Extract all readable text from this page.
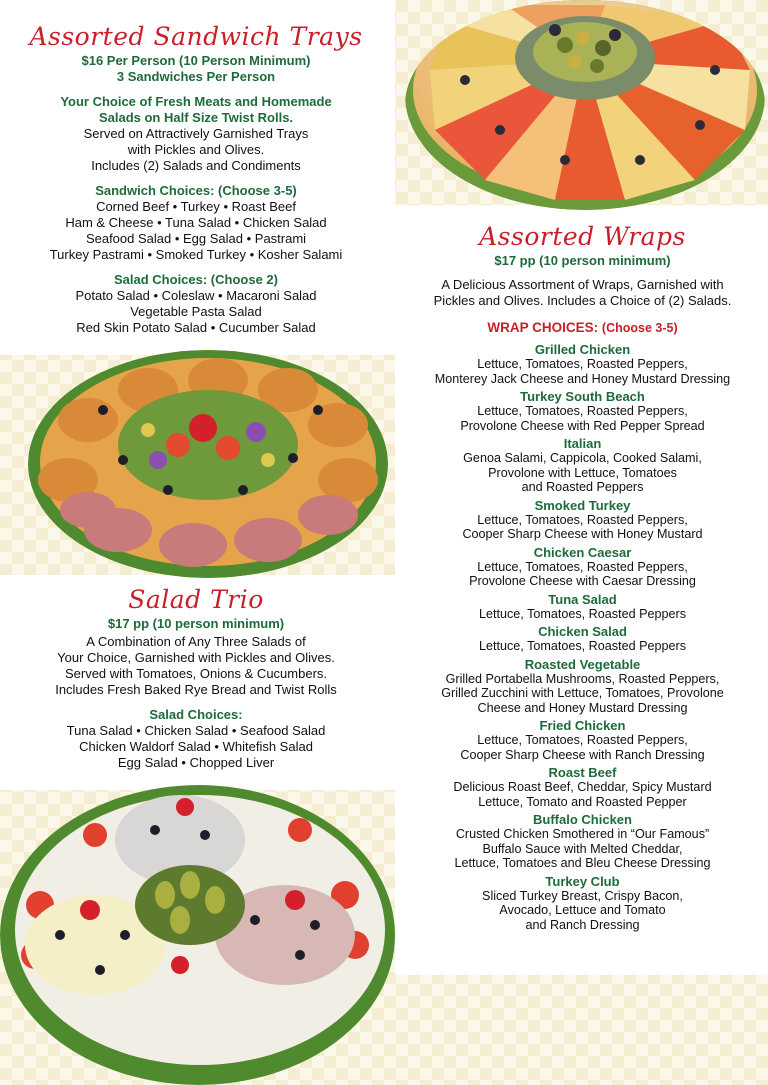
Assorted Sandwich Trays
$16 Per Person (10 Person Minimum)
3 Sandwiches Per Person
Your Choice of Fresh Meats and Homemade
Salads on Half Size Twist Rolls.
Served on Attractively Garnished Trays
with Pickles and Olives.
Includes (2) Salads and Condiments
Sandwich Choices: (Choose 3-5)
Corned Beef • Turkey • Roast Beef
Ham & Cheese • Tuna Salad • Chicken Salad
Seafood Salad • Egg Salad • Pastrami
Turkey Pastrami • Smoked Turkey • Kosher Salami
Salad Choices: (Choose 2)
Potato Salad • Coleslaw • Macaroni Salad
Vegetable Pasta Salad
Red Skin Potato Salad • Cucumber Salad
Salad Trio
$17 pp (10 person minimum)
A Combination of Any Three Salads of
Your Choice, Garnished with Pickles and Olives.
Served with Tomatoes, Onions & Cucumbers.
Includes Fresh Baked Rye Bread and Twist Rolls
Salad Choices:
Tuna Salad • Chicken Salad • Seafood Salad
Chicken Waldorf Salad • Whitefish Salad
Egg Salad • Chopped Liver
Assorted Wraps
$17 pp (10 person minimum)
A Delicious Assortment of Wraps, Garnished with
Pickles and Olives. Includes a Choice of (2) Salads.
WRAP CHOICES: (Choose 3-5)
Grilled Chicken
Lettuce, Tomatoes, Roasted Peppers,
Monterey Jack Cheese and Honey Mustard Dressing
Turkey South Beach
Lettuce, Tomatoes, Roasted Peppers,
Provolone Cheese with Red Pepper Spread
Italian
Genoa Salami, Cappicola, Cooked Salami,
Provolone with Lettuce, Tomatoes
and Roasted Peppers
Smoked Turkey
Lettuce, Tomatoes, Roasted Peppers,
Cooper Sharp Cheese with Honey Mustard
Chicken Caesar
Lettuce, Tomatoes, Roasted Peppers,
Provolone Cheese with Caesar Dressing
Tuna Salad
Lettuce, Tomatoes, Roasted Peppers
Chicken Salad
Lettuce, Tomatoes, Roasted Peppers
Roasted Vegetable
Grilled Portabella Mushrooms, Roasted Peppers,
Grilled Zucchini with Lettuce, Tomatoes, Provolone
Cheese and Honey Mustard Dressing
Fried Chicken
Lettuce, Tomatoes, Roasted Peppers,
Cooper Sharp Cheese with Ranch Dressing
Roast Beef
Delicious Roast Beef, Cheddar, Spicy Mustard
Lettuce, Tomato and Roasted Pepper
Buffalo Chicken
Crusted Chicken Smothered in “Our Famous”
Buffalo Sauce with Melted Cheddar,
Lettuce, Tomatoes and Bleu Cheese Dressing
Turkey Club
Sliced Turkey Breast, Crispy Bacon,
Avocado, Lettuce and Tomato
and Ranch Dressing
